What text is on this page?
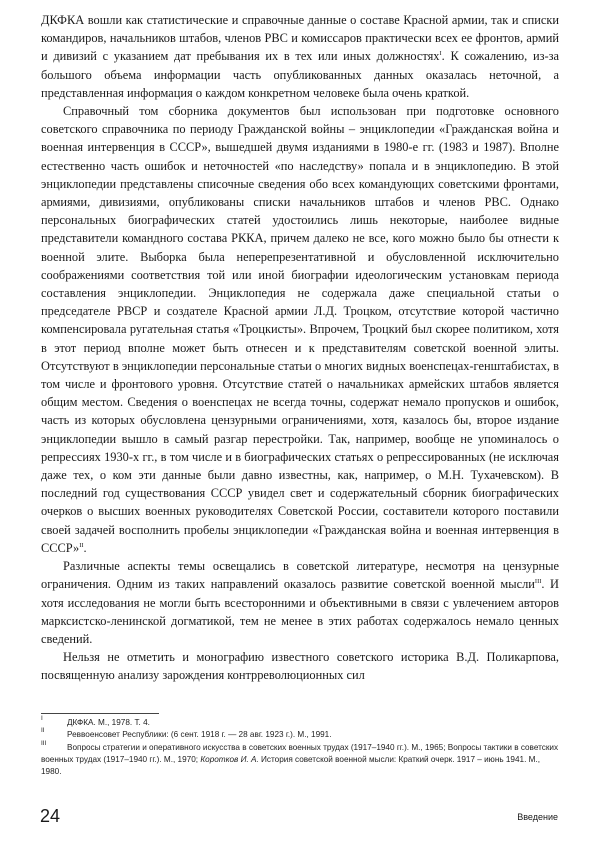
ДКФКА вошли как статистические и справочные данные о составе Красной армии, так и списки командиров, начальников штабов, членов РВС и комиссаров практически всех ее фронтов, армий и дивизий с указанием дат пребывания их в тех или иных должностях$^I$. К сожалению, из-за большого объема информации часть опубликованных данных оказалась неточной, а представленная информация о каждом конкретном человеке была очень краткой.

Справочный том сборника документов был использован при подготовке основного советского справочника по периоду Гражданской войны – энциклопедии «Гражданская война и военная интервенция в СССР», вышедшей двумя изданиями в 1980-е гг. (1983 и 1987). Вполне естественно часть ошибок и неточностей «по наследству» попала и в энциклопедию. В этой энциклопедии представлены списочные сведения обо всех командующих советскими фронтами, армиями, дивизиями, опубликованы списки начальников штабов и членов РВС. Однако персональных биографических статей удостоились лишь некоторые, наиболее видные представители командного состава РККА, причем далеко не все, кого можно было бы отнести к военной элите. Выборка была неперепрезентативной и обусловленной исключительно соображениями соответствия той или иной биографии идеологическим установкам периода составления энциклопедии. Энциклопедия не содержала даже специальной статьи о председателе РВСР и создателе Красной армии Л.Д. Троцком, отсутствие которой частично компенсировала ругательная статья «Троцкисты». Впрочем, Троцкий был скорее политиком, хотя в этот период вполне может быть отнесен и к представителям советской военной элиты. Отсутствуют в энциклопедии персональные статьи о многих видных военспецах-генштабистах, в том числе и фронтового уровня. Отсутствие статей о начальниках армейских штабов является общим местом. Сведения о военспецах не всегда точны, содержат немало пропусков и ошибок, часть из которых обусловлена цензурными ограничениями, хотя, казалось бы, второе издание энциклопедии вышло в самый разгар перестройки. Так, например, вообще не упоминалось о репрессиях 1930-х гг., в том числе и в биографических статьях о репрессированных (не исключая даже тех, о ком эти данные были давно известны, как, например, о М.Н. Тухачевском). В последний год существования СССР увидел свет и содержательный сборник биографических очерков о высших военных руководителях Советской России, составители которого поставили своей задачей восполнить пробелы энциклопедии «Гражданская война и военная интервенция в СССР»$^{II}$.

Различные аспекты темы освещались в советской литературе, несмотря на цензурные ограничения. Одним из таких направлений оказалось развитие советской военной мысли$^{III}$. И хотя исследования не могли быть всесторонними и объективными в связи с увлечением авторов марксистско-ленинской догматикой, тем не менее в этих работах содержалось немало ценных сведений.

Нельзя не отметить и монографию известного советского историка В.Д. Поликарпова, посвященную анализу зарождения контрреволюционных сил

$^I$	ДКФКА. М., 1978. Т. 4.

$^{II}$	Реввоенсовет Республики: (6 сент. 1918 г. — 28 авг. 1923 г.). М., 1991.

$^{III}$	Вопросы стратегии и оперативного искусства в советских военных трудах (1917–1940 гг.). М., 1965; Вопросы тактики в советских военных трудах (1917–1940 гг.). М., 1970; Коротков И. А. История советской военной мысли: Краткий очерк. 1917 – июнь 1941. М., 1980.

24	Введение
